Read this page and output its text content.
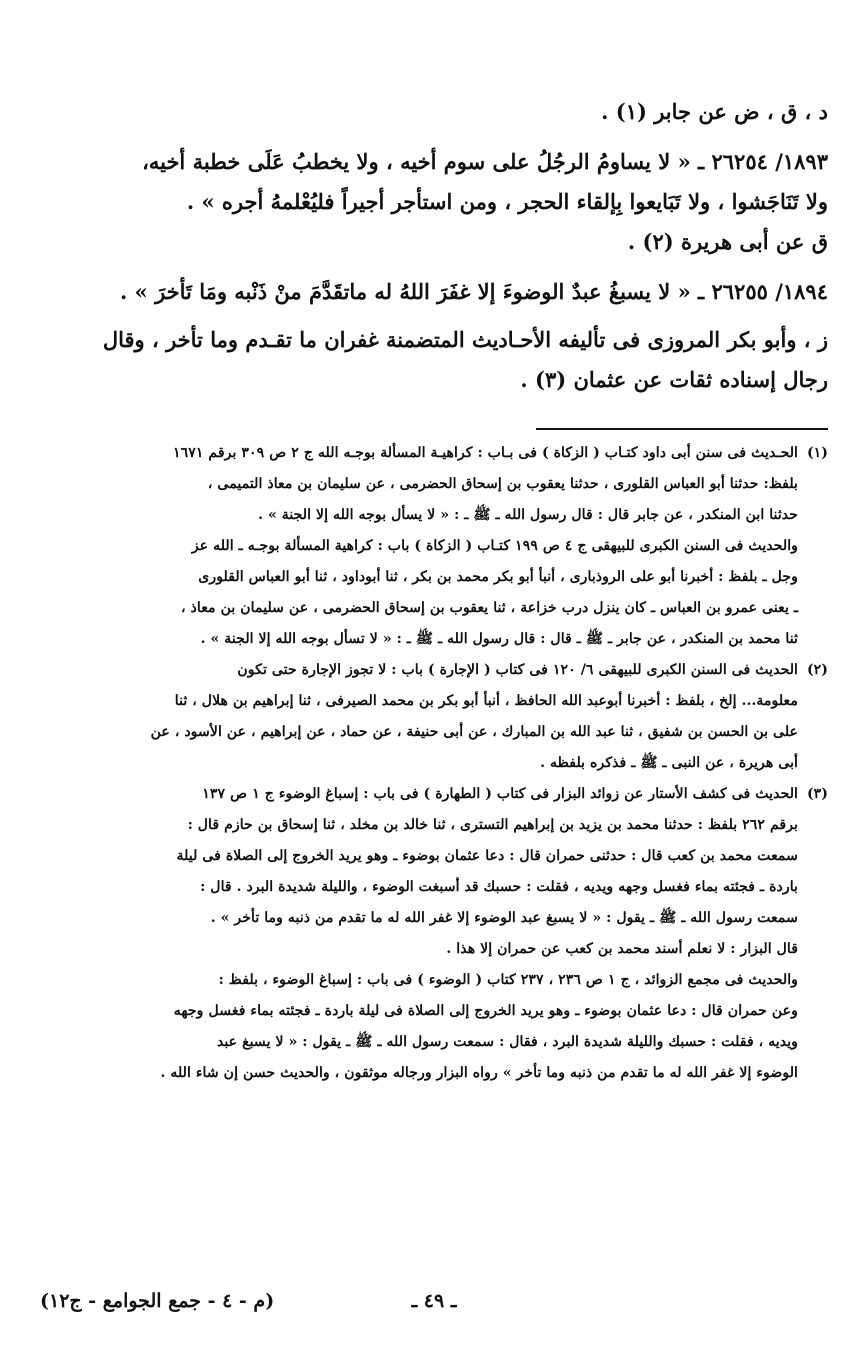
د ، ق ، ض عن جابر (١) .

١٨٩٣/ ٢٦٢٥٤ ـ « لا يساومُ الرجُلُ على سوم أخيه ، ولا يخطبُ عَلَى خطبة أخيه،

ولا تَنَاجَشوا ، ولا تَبَايعوا بِإلقاء الحجر ، ومن استأجر أجيراً فليُعْلمهُ أجره » .

ق عن أبى هريرة (٢) .

١٨٩٤/ ٢٦٢٥٥ ـ « لا يسبغُ عبدٌ الوضوءَ إلا غفَرَ اللهُ له ماتقَدَّمَ منْ ذَنْبه ومَا تَأخرَ » .

ز ، وأبو بكر المروزى فى تأليفه الأحـاديث المتضمنة غفران ما تقـدم وما تأخر ، وقال

رجال إسناده ثقات عن عثمان (٣) .

(١)

الحـديث فى سنن أبى داود كتـاب ( الزكاة ) فى بـاب : كراهيـة المسألة بوجـه الله ج ٢ ص ٣٠٩ برقم ١٦٧١

بلفظ: حدثنا أبو العباس القلورى ، حدثنا يعقوب بن إسحاق الحضرمى ، عن سليمان بن معاذ التميمى ،

حدثنا ابن المنكدر ، عن جابر قال : قال رسول الله ـ ﷺ ـ : « لا يسأل بوجه الله إلا الجنة » .

والحديث فى السنن الكبرى للبيهقى ج ٤ ص ١٩٩ كتـاب ( الزكاة ) باب : كراهية المسألة بوجـه ـ الله عز

وجل ـ بلفظ : أخبرنا أبو على الروذبارى ، أنبأ أبو بكر محمد بن بكر ، ثنا أبوداود ، ثنا أبو العباس القلورى

ـ يعنى عمرو بن العباس ـ كان ينزل درب خزاعة ، ثنا يعقوب بن إسحاق الحضرمى ، عن سليمان بن معاذ ،

ثنا محمد بن المنكدر ، عن جابر ـ ﷺ ـ قال : قال رسول الله ـ ﷺ ـ : « لا تسأل بوجه الله إلا الجنة » .

(٢)

الحديث فى السنن الكبرى للبيهقى ٦/ ١٢٠ فى كتاب ( الإجارة ) باب : لا تجوز الإجارة حتى تكون

معلومة... إلخ ، بلفظ : أخبرنا أبوعبد الله الحافظ ، أنبأ أبو بكر بن محمد الصيرفى ، ثنا إبراهيم بن هلال ، ثنا

على بن الحسن بن شفيق ، ثنا عبد الله بن المبارك ، عن أبى حنيفة ، عن حماد ، عن إبراهيم ، عن الأسود ، عن

أبى هريرة ، عن النبى ـ ﷺ ـ فذكره بلفظه .

(٣)

الحديث فى كشف الأستار عن زوائد البزار فى كتاب ( الطهارة ) فى باب : إسباغ الوضوء ج ١ ص ١٣٧

برقم ٢٦٢ بلفظ : حدثنا محمد بن يزيد بن إبراهيم التسترى ، ثنا خالد بن مخلد ، ثنا إسحاق بن حازم قال :

سمعت محمد بن كعب قال : حدثنى حمران قال : دعا عثمان بوضوء ـ وهو يريد الخروج إلى الصلاة فى ليلة

باردة ـ فجئته بماء فغسل وجهه ويديه ، فقلت : حسبك قد أسبغت الوضوء ، والليلة شديدة البرد . قال :

سمعت رسول الله ـ ﷺ ـ يقول : « لا يسبغ عبد الوضوء إلا غفر الله له ما تقدم من ذنبه وما تأخر » .

قال البزار : لا نعلم أسند محمد بن كعب عن حمران إلا هذا .

والحديث فى مجمع الزوائد ، ج ١ ص ٢٣٦ ، ٢٣٧ كتاب ( الوضوء ) فى باب : إسباغ الوضوء ، بلفظ :

وعن حمران قال : دعا عثمان بوضوء ـ وهو يريد الخروج إلى الصلاة فى ليلة باردة ـ فجئته بماء فغسل وجهه

ويديه ، فقلت : حسبك والليلة شديدة البرد ، فقال : سمعت رسول الله ـ ﷺ ـ يقول : « لا يسبغ عبد

الوضوء إلا غفر الله له ما تقدم من ذنبه وما تأخر » رواه البزار ورجاله موثقون ، والحديث حسن إن شاء الله .

ـ ٤٩ ـ
(م - ٤ - جمع الجوامع - ج١٢)
